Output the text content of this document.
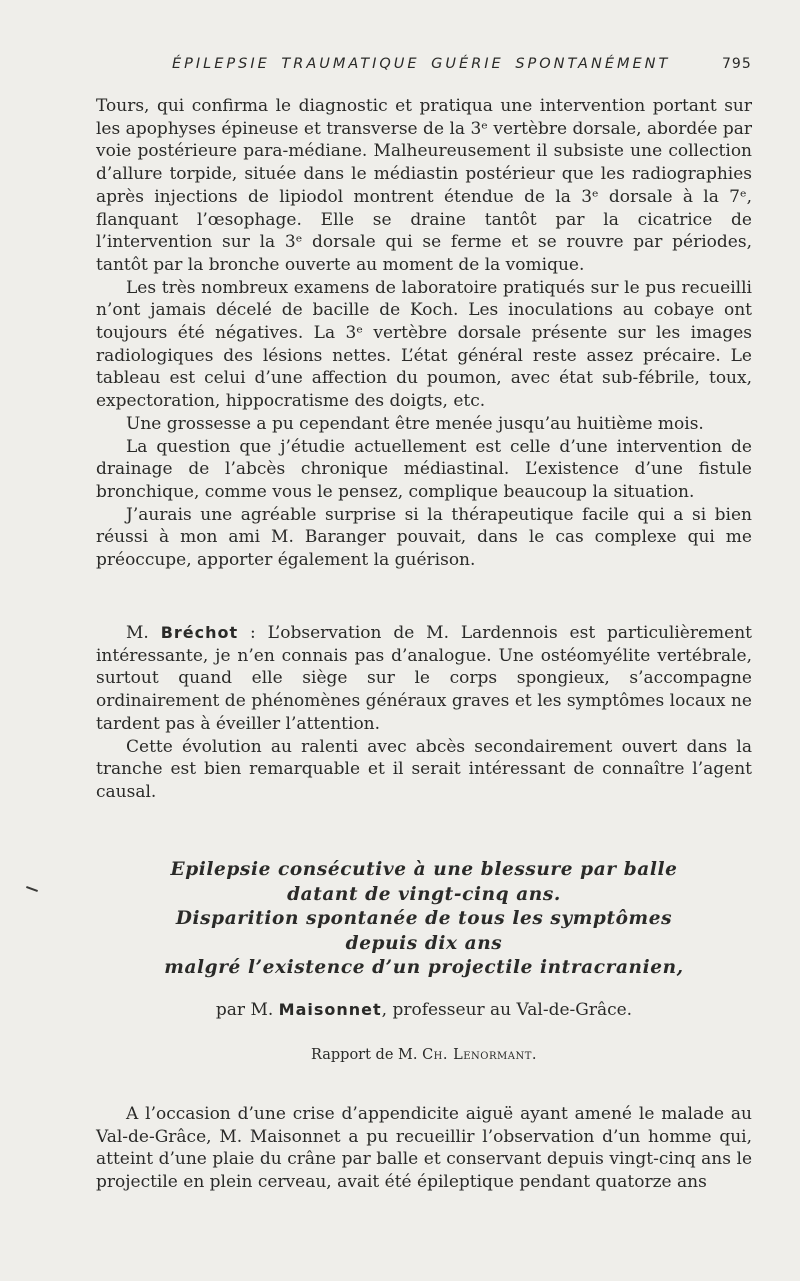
ÉPILEPSIE TRAUMATIQUE GUÉRIE SPONTANÉMENT	795

Tours, qui confirma le diagnostic et pratiqua une intervention portant sur les apophyses épineuse et transverse de la 3ᵉ vertèbre dorsale, abordée par voie postérieure para-médiane. Malheureusement il subsiste une collection d’allure torpide, située dans le médiastin postérieur que les radiographies après injections de lipiodol montrent étendue de la 3ᵉ dorsale à la 7ᵉ, flanquant l’œsophage. Elle se draine tantôt par la cicatrice de l’intervention sur la 3ᵉ dorsale qui se ferme et se rouvre par périodes, tantôt par la bronche ouverte au moment de la vomique.

Les très nombreux examens de laboratoire pratiqués sur le pus recueilli n’ont jamais décelé de bacille de Koch. Les inoculations au cobaye ont toujours été négatives. La 3ᵉ vertèbre dorsale présente sur les images radiologiques des lésions nettes. L’état général reste assez précaire. Le tableau est celui d’une affection du poumon, avec état sub-fébrile, toux, expectoration, hippocratisme des doigts, etc.

Une grossesse a pu cependant être menée jusqu’au huitième mois.

La question que j’étudie actuellement est celle d’une intervention de drainage de l’abcès chronique médiastinal. L’existence d’une fistule bronchique, comme vous le pensez, complique beaucoup la situation.

J’aurais une agréable surprise si la thérapeutique facile qui a si bien réussi à mon ami M. Baranger pouvait, dans le cas complexe qui me préoccupe, apporter également la guérison.

M. Bréchot : L’observation de M. Lardennois est particulièrement intéressante, je n’en connais pas d’analogue. Une ostéomyélite vertébrale, surtout quand elle siège sur le corps spongieux, s’accompagne ordinairement de phénomènes généraux graves et les symptômes locaux ne tardent pas à éveiller l’attention.

Cette évolution au ralenti avec abcès secondairement ouvert dans la tranche est bien remarquable et il serait intéressant de connaître l’agent causal.

Epilepsie consécutive à une blessure par balle
datant de vingt-cinq ans.
Disparition spontanée de tous les symptômes
depuis dix ans
malgré l’existence d’un projectile intracranien,
par M. Maisonnet, professeur au Val-de-Grâce.
Rapport de M. Ch. Lenormant.

A l’occasion d’une crise d’appendicite aiguë ayant amené le malade au Val-de-Grâce, M. Maisonnet a pu recueillir l’observation d’un homme qui, atteint d’une plaie du crâne par balle et conservant depuis vingt-cinq ans le projectile en plein cerveau, avait été épileptique pendant quatorze ans
